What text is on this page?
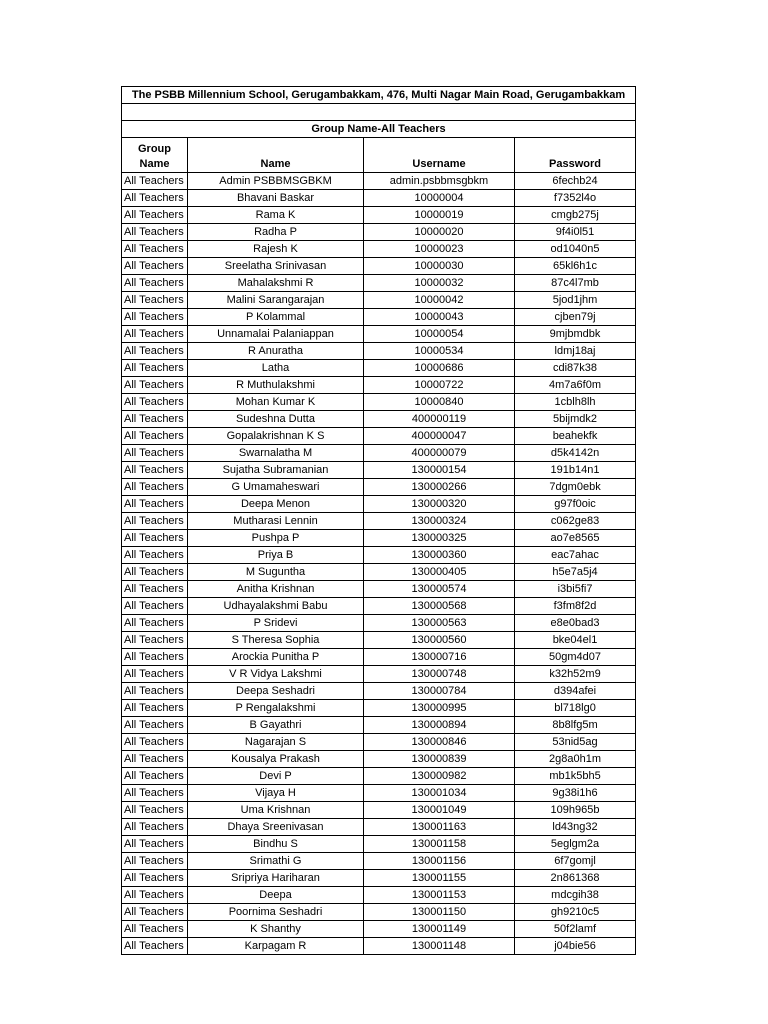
The PSBB Millennium School, Gerugambakkam, 476, Multi Nagar Main Road, Gerugambakkam			

Group Name-All Teachers			
Group Name	Name	Username	Password
All Teachers	Admin PSBBMSGBKM	admin.psbbmsgbkm	6fechb24
All Teachers	Bhavani Baskar	10000004	f7352l4o
All Teachers	Rama K	10000019	cmgb275j
All Teachers	Radha P	10000020	9f4i0l51
All Teachers	Rajesh K	10000023	od1040n5
All Teachers	Sreelatha Srinivasan	10000030	65kl6h1c
All Teachers	Mahalakshmi R	10000032	87c4l7mb
All Teachers	Malini Sarangarajan	10000042	5jod1jhm
All Teachers	P Kolammal	10000043	cjben79j
All Teachers	Unnamalai Palaniappan	10000054	9mjbmdbk
All Teachers	R Anuratha	10000534	ldmj18aj
All Teachers	Latha	10000686	cdi87k38
All Teachers	R Muthulakshmi	10000722	4m7a6f0m
All Teachers	Mohan Kumar K	10000840	1cblh8lh
All Teachers	Sudeshna Dutta	400000119	5bijmdk2
All Teachers	Gopalakrishnan K S	400000047	beahekfk
All Teachers	Swarnalatha M	400000079	d5k4142n
All Teachers	Sujatha Subramanian	130000154	191b14n1
All Teachers	G Umamaheswari	130000266	7dgm0ebk
All Teachers	Deepa Menon	130000320	g97f0oic
All Teachers	Mutharasi Lennin	130000324	c062ge83
All Teachers	Pushpa P	130000325	ao7e8565
All Teachers	Priya B	130000360	eac7ahac
All Teachers	M Suguntha	130000405	h5e7a5j4
All Teachers	Anitha Krishnan	130000574	i3bi5fi7
All Teachers	Udhayalakshmi Babu	130000568	f3fm8f2d
All Teachers	P Sridevi	130000563	e8e0bad3
All Teachers	S Theresa Sophia	130000560	bke04el1
All Teachers	Arockia Punitha P	130000716	50gm4d07
All Teachers	V R Vidya Lakshmi	130000748	k32h52m9
All Teachers	Deepa Seshadri	130000784	d394afei
All Teachers	P Rengalakshmi	130000995	bl718lg0
All Teachers	B Gayathri	130000894	8b8lfg5m
All Teachers	Nagarajan S	130000846	53nid5ag
All Teachers	Kousalya Prakash	130000839	2g8a0h1m
All Teachers	Devi P	130000982	mb1k5bh5
All Teachers	Vijaya H	130001034	9g38i1h6
All Teachers	Uma Krishnan	130001049	109h965b
All Teachers	Dhaya Sreenivasan	130001163	ld43ng32
All Teachers	Bindhu S	130001158	5eglgm2a
All Teachers	Srimathi G	130001156	6f7gomjl
All Teachers	Sripriya Hariharan	130001155	2n861368
All Teachers	Deepa	130001153	mdcgih38
All Teachers	Poornima Seshadri	130001150	gh9210c5
All Teachers	K Shanthy	130001149	50f2lamf
All Teachers	Karpagam R	130001148	j04bie56
